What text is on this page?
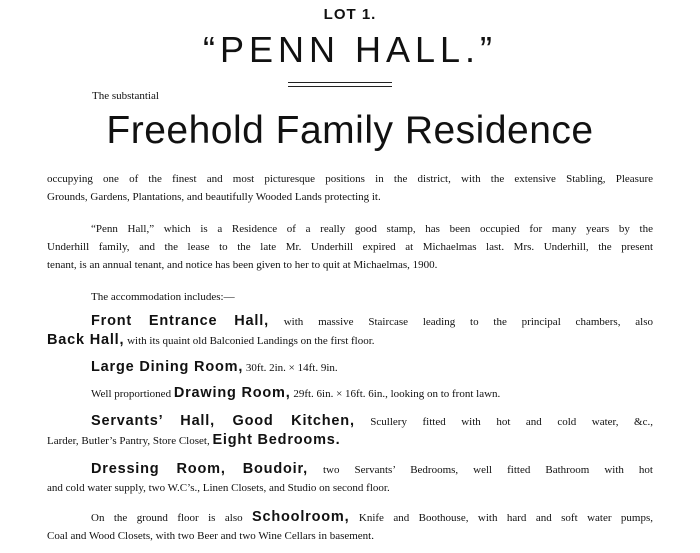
LOT 1.
“PENN HALL.”
The substantial
Freehold Family Residence
occupying one of the finest and most picturesque positions in the district, with the extensive Stabling, Pleasure
Grounds, Gardens, Plantations, and beautifully Wooded Lands protecting it.
“Penn Hall,” which is a Residence of a really good stamp, has been occupied for many years by the
Underhill family, and the lease to the late Mr. Underhill expired at Michaelmas last. Mrs. Underhill, the present
tenant, is an annual tenant, and notice has been given to her to quit at Michaelmas, 1900.
The accommodation includes:—
Front Entrance Hall, with massive Staircase leading to the principal chambers, also
Back Hall, with its quaint old Balconied Landings on the first floor.
Large Dining Room, 30ft. 2in. × 14ft. 9in.
Well proportioned Drawing Room, 29ft. 6in. × 16ft. 6in., looking on to front lawn.
Servants’ Hall, Good Kitchen, Scullery fitted with hot and cold water, &c.,
Larder, Butler’s Pantry, Store Closet, Eight Bedrooms.
Dressing Room, Boudoir, two Servants’ Bedrooms, well fitted Bathroom with hot
and cold water supply, two W.C’s., Linen Closets, and Studio on second floor.
On the ground floor is also Schoolroom, Knife and Boothouse, with hard and soft water pumps,
Coal and Wood Closets, with two Beer and two Wine Cellars in basement.
